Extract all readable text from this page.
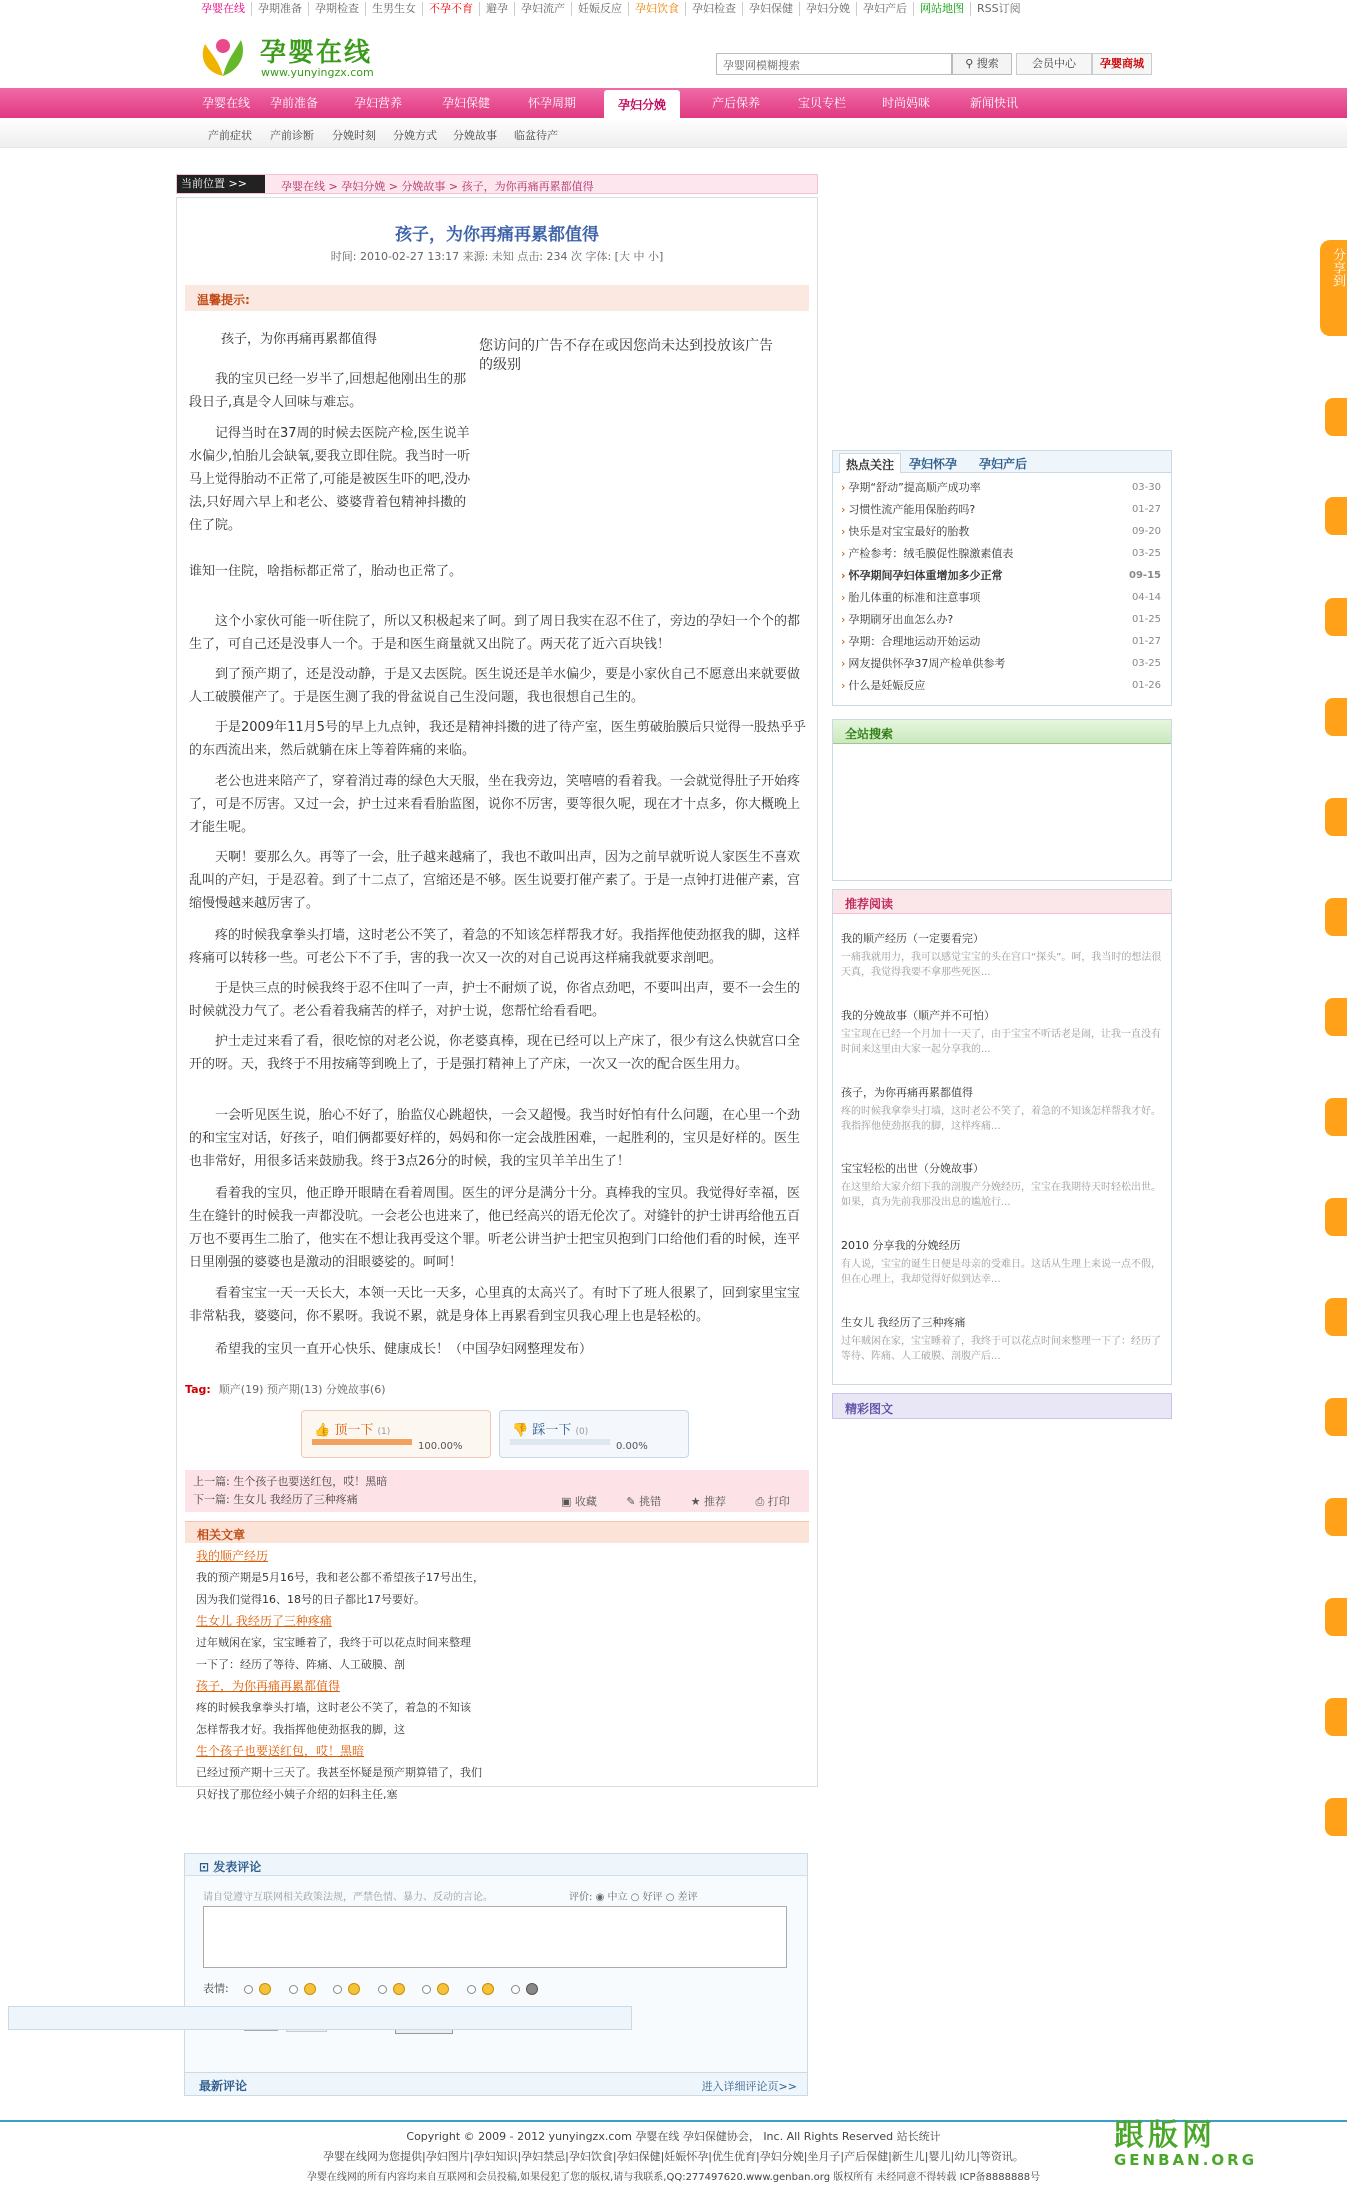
孕婴在线 孕期准备 孕期检查 生男生女 不孕不育 避孕 孕妇流产 妊娠反应 孕妇饮食 孕妇检查 孕妇保健 孕妇分娩 孕妇产后 网站地图 RSS订阅
孕婴在线
www.yunyingzx.com
孕婴网模糊搜索	⚲ 搜索	会员中心	孕婴商城
孕婴在线 孕前准备	孕妇营养	孕妇保健	怀孕周期	孕妇分娩	产后保养	宝贝专栏	时尚妈咪	新闻快讯
产前症状 产前诊断 分娩时刻 分娩方式 分娩故事 临盆待产
当前位置 >>	孕婴在线 > 孕妇分娩 > 分娩故事 > 孩子，为你再痛再累都值得
孩子，为你再痛再累都值得
时间: 2010-02-27 13:17 来源: 未知 点击: 234 次 字体: [大 中 小]
温馨提示:
您访问的广告不存在或因您尚未达到投放该广告的级别
孩子，为你再痛再累都值得
我的宝贝已经一岁半了,回想起他刚出生的那段日子,真是令人回味与难忘。
记得当时在37周的时候去医院产检,医生说羊水偏少,怕胎儿会缺氧,要我立即住院。我当时一听马上觉得胎动不正常了,可能是被医生吓的吧,没办法,只好周六早上和老公、婆婆背着包精神抖擞的住了院。
谁知一住院，啥指标都正常了，胎动也正常了。
这个小家伙可能一听住院了，所以又积极起来了呵。到了周日我实在忍不住了，旁边的孕妇一个个的都生了，可自己还是没事人一个。于是和医生商量就又出院了。两天花了近六百块钱！
到了预产期了，还是没动静，于是又去医院。医生说还是羊水偏少，要是小家伙自己不愿意出来就要做人工破膜催产了。于是医生测了我的骨盆说自己生没问题，我也很想自己生的。
于是2009年11月5号的早上九点钟，我还是精神抖擞的进了待产室，医生剪破胎膜后只觉得一股热乎乎的东西流出来，然后就躺在床上等着阵痛的来临。
老公也进来陪产了，穿着消过毒的绿色大天服，坐在我旁边，笑嘻嘻的看着我。一会就觉得肚子开始疼了，可是不厉害。又过一会，护士过来看看胎监图，说你不厉害，要等很久呢，现在才十点多，你大概晚上才能生呢。
天啊！要那么久。再等了一会，肚子越来越痛了，我也不敢叫出声，因为之前早就听说人家医生不喜欢乱叫的产妇，于是忍着。到了十二点了，宫缩还是不够。医生说要打催产素了。于是一点钟打进催产素，宫缩慢慢越来越厉害了。
疼的时候我拿拳头打墙，这时老公不笑了，着急的不知该怎样帮我才好。我指挥他使劲抠我的脚，这样疼痛可以转移一些。可老公下不了手，害的我一次又一次的对自己说再这样痛我就要求剖吧。
于是快三点的时候我终于忍不住叫了一声，护士不耐烦了说，你省点劲吧，不要叫出声，要不一会生的时候就没力气了。老公看着我痛苦的样子，对护士说，您帮忙给看看吧。
护士走过来看了看，很吃惊的对老公说，你老婆真棒，现在已经可以上产床了，很少有这么快就宫口全开的呀。天，我终于不用按痛等到晚上了，于是强打精神上了产床，一次又一次的配合医生用力。
一会听见医生说，胎心不好了，胎监仪心跳超快，一会又超慢。我当时好怕有什么问题，在心里一个劲的和宝宝对话，好孩子，咱们俩都要好样的，妈妈和你一定会战胜困难，一起胜利的，宝贝是好样的。医生也非常好，用很多话来鼓励我。终于3点26分的时候，我的宝贝羊羊出生了！
看着我的宝贝，他正睁开眼睛在看着周围。医生的评分是满分十分。真棒我的宝贝。我觉得好幸福，医生在缝针的时候我一声都没吭。一会老公也进来了，他已经高兴的语无伦次了。对缝针的护士讲再给他五百万也不要再生二胎了，他实在不想让我再受这个罪。听老公讲当护士把宝贝抱到门口给他们看的时候，连平日里刚强的婆婆也是激动的泪眼婆娑的。呵呵！
看着宝宝一天一天长大，本领一天比一天多，心里真的太高兴了。有时下了班人很累了，回到家里宝宝非常粘我，婆婆问，你不累呀。我说不累，就是身体上再累看到宝贝我心理上也是轻松的。
希望我的宝贝一直开心快乐、健康成长！（中国孕妇网整理发布）
Tag: 顺产(19) 预产期(13) 分娩故事(6)
👍 顶一下 (1)
100.00%
👎 踩一下 (0)
0.00%
上一篇: 生个孩子也要送红包，哎！黑暗
下一篇: 生女儿 我经历了三种疼痛	▣ 收藏	✎ 挑错	★ 推荐	⎙ 打印
相关文章
我的顺产经历
我的预产期是5月16号，我和老公都不希望孩子17号出生，
因为我们觉得16、18号的日子都比17号要好。
生女儿 我经历了三种疼痛
过年贼闲在家，宝宝睡着了，我终于可以花点时间来整理
一下了：经历了等待、阵痛、人工破膜、剖
孩子，为你再痛再累都值得
疼的时候我拿拳头打墙，这时老公不笑了，着急的不知该
怎样帮我才好。我指挥他使劲抠我的脚，这
生个孩子也要送红包，哎！黑暗
已经过预产期十三天了。我甚至怀疑是预产期算错了，我们
只好找了那位经小姨子介绍的妇科主任,塞
⊡ 发表评论
请自觉遵守互联网相关政策法规，严禁色情、暴力、反动的言论。	评价: ◉ 中立 ○ 好评 ○ 差评
表情:

最新评论	进入详细评论页>>
热点关注	孕妇怀孕 孕妇产后
› 孕期“舒动”提高顺产成功率	03-30
› 习惯性流产能用保胎药吗?	01-27
› 快乐是对宝宝最好的胎教	09-20
› 产检参考：绒毛膜促性腺激素值表	03-25
› 怀孕期间孕妇体重增加多少正常	09-15
› 胎儿体重的标准和注意事项	04-14
› 孕期刷牙出血怎么办?	01-25
› 孕期：合理地运动开始运动	01-27
› 网友提供怀孕37周产检单供参考	03-25
› 什么是妊娠反应	01-26
全站搜索
推荐阅读
我的顺产经历（一定要看完）
一痛我就用力，我可以感觉宝宝的头在宫口“探头”。呵，我当时的想法很天真，我觉得我要不拿那些死医...
我的分娩故事（顺产并不可怕）
宝宝现在已经一个月加十一天了，由于宝宝不听话老是闹，让我一直没有时间来这里由大家一起分享我的...
孩子，为你再痛再累都值得
疼的时候我拿拳头打墙，这时老公不笑了，着急的不知该怎样帮我才好。我指挥他使劲抠我的脚，这样疼痛...
宝宝轻松的出世（分娩故事）
在这里给大家介绍下我的剖腹产分娩经历，宝宝在我期待天时轻松出世。如果，真为先前我那没出息的尴尬行...
2010 分享我的分娩经历
有人说，宝宝的诞生日便是母亲的受难日。这话从生理上来说一点不假，但在心理上，我却觉得好似到达幸...
生女儿 我经历了三种疼痛
过年贼闲在家，宝宝睡着了，我终于可以花点时间来整理一下了：经历了等待、阵痛、人工破膜、剖腹产后...
精彩图文
分享到
Copyright © 2009 - 2012 yunyingzx.com 孕婴在线 孕妇保健协会， Inc. All Rights Reserved 站长统计
孕婴在线网为您提供|孕妇图片|孕妇知识|孕妇禁忌|孕妇饮食|孕妇保健|妊娠怀孕|优生优育|孕妇分娩|坐月子|产后保健|新生儿|婴儿|幼儿|等资讯。
孕婴在线网的所有内容均来自互联网和会员投稿,如果侵犯了您的版权,请与我联系,QQ:277497620.www.genban.org 版权所有 未经同意不得转载 ICP备8888888号
跟版网
GENBAN.ORG
